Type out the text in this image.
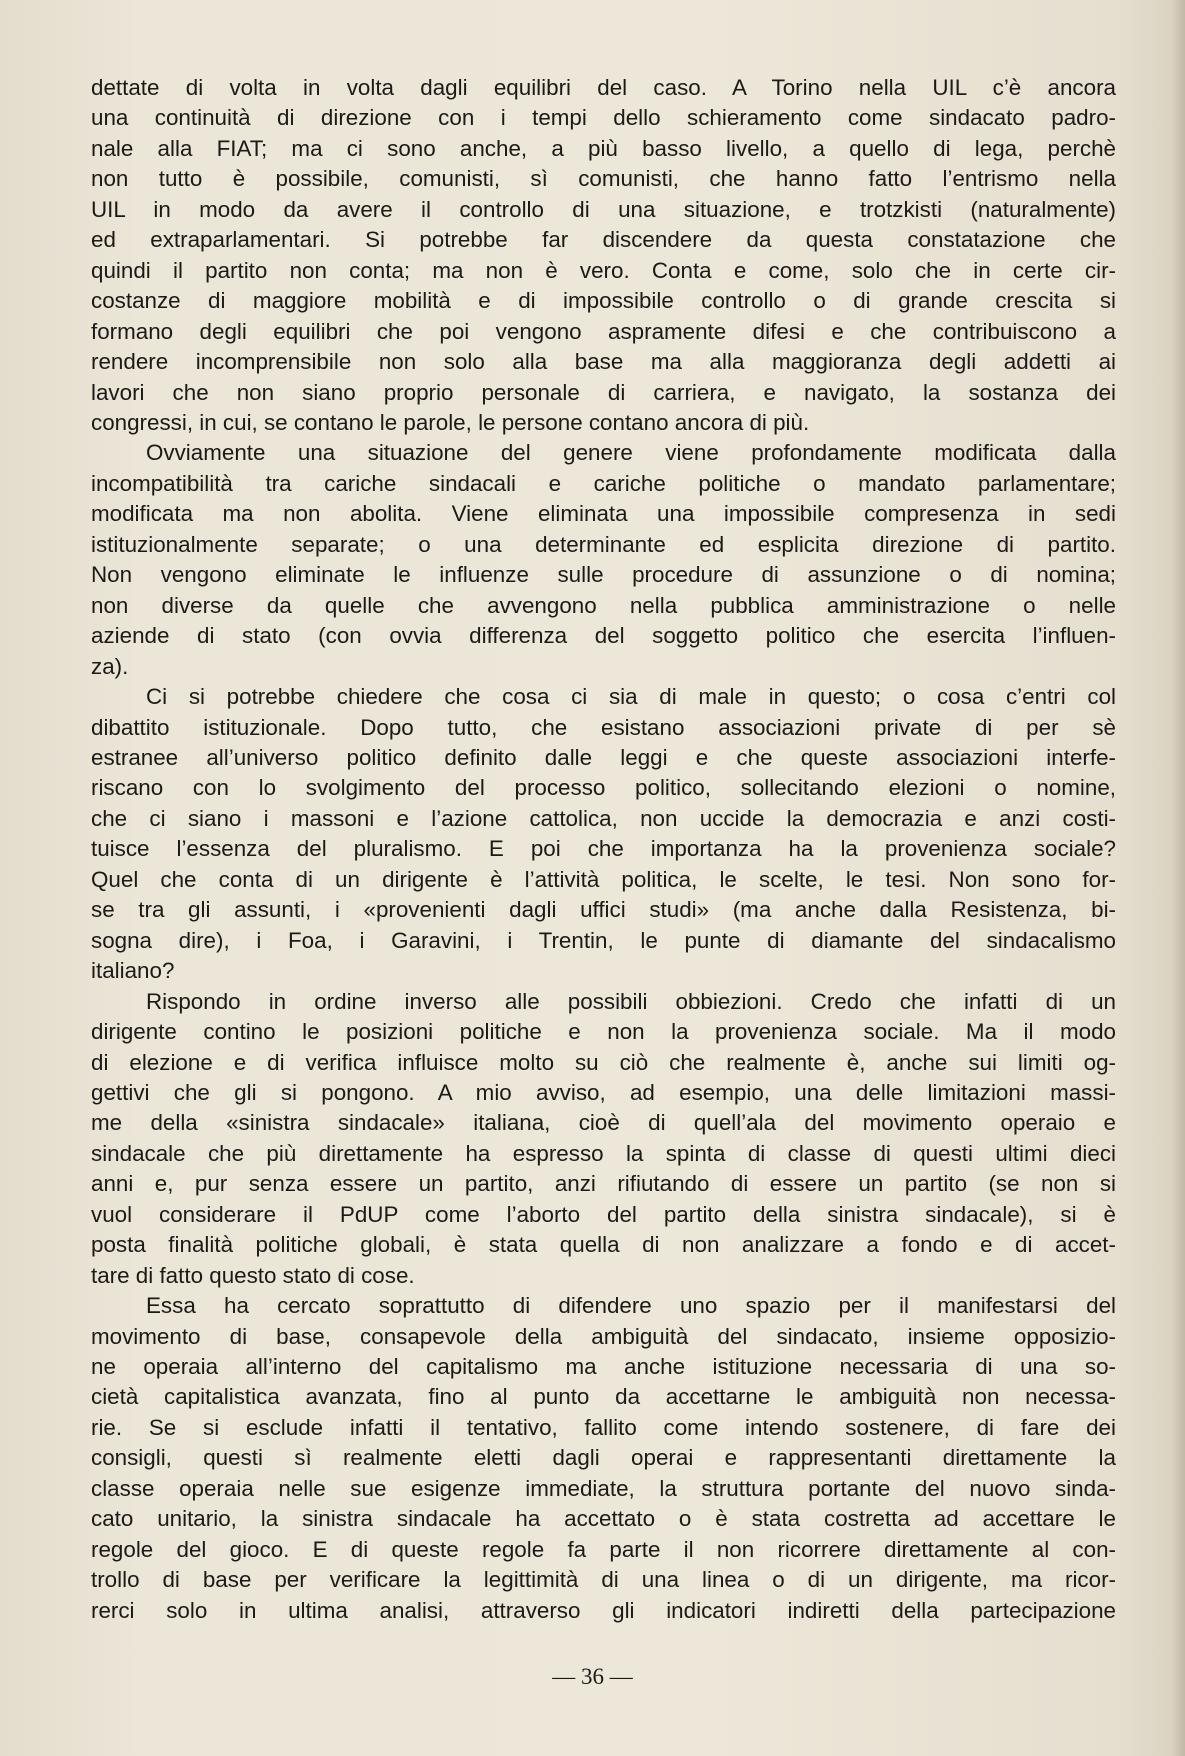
dettate di volta in volta dagli equilibri del caso. A Torino nella UIL c’è ancora
una continuità di direzione con i tempi dello schieramento come sindacato padro-
nale alla FIAT; ma ci sono anche, a più basso livello, a quello di lega, perchè
non tutto è possibile, comunisti, sì comunisti, che hanno fatto l’entrismo nella
UIL in modo da avere il controllo di una situazione, e trotzkisti (naturalmente)
ed extraparlamentari. Si potrebbe far discendere da questa constatazione che
quindi il partito non conta; ma non è vero. Conta e come, solo che in certe cir-
costanze di maggiore mobilità e di impossibile controllo o di grande crescita si
formano degli equilibri che poi vengono aspramente difesi e che contribuiscono a
rendere incomprensibile non solo alla base ma alla maggioranza degli addetti ai
lavori che non siano proprio personale di carriera, e navigato, la sostanza dei
congressi, in cui, se contano le parole, le persone contano ancora di più.

Ovviamente una situazione del genere viene profondamente modificata dalla
incompatibilità tra cariche sindacali e cariche politiche o mandato parlamentare;
modificata ma non abolita. Viene eliminata una impossibile compresenza in sedi
istituzionalmente separate; o una determinante ed esplicita direzione di partito.
Non vengono eliminate le influenze sulle procedure di assunzione o di nomina;
non diverse da quelle che avvengono nella pubblica amministrazione o nelle
aziende di stato (con ovvia differenza del soggetto politico che esercita l’influen-
za).

Ci si potrebbe chiedere che cosa ci sia di male in questo; o cosa c’entri col
dibattito istituzionale. Dopo tutto, che esistano associazioni private di per sè
estranee all’universo politico definito dalle leggi e che queste associazioni interfe-
riscano con lo svolgimento del processo politico, sollecitando elezioni o nomine,
che ci siano i massoni e l’azione cattolica, non uccide la democrazia e anzi costi-
tuisce l’essenza del pluralismo. E poi che importanza ha la provenienza sociale?
Quel che conta di un dirigente è l’attività politica, le scelte, le tesi. Non sono for-
se tra gli assunti, i «provenienti dagli uffici studi» (ma anche dalla Resistenza, bi-
sogna dire), i Foa, i Garavini, i Trentin, le punte di diamante del sindacalismo
italiano?

Rispondo in ordine inverso alle possibili obbiezioni. Credo che infatti di un
dirigente contino le posizioni politiche e non la provenienza sociale. Ma il modo
di elezione e di verifica influisce molto su ciò che realmente è, anche sui limiti og-
gettivi che gli si pongono. A mio avviso, ad esempio, una delle limitazioni massi-
me della «sinistra sindacale» italiana, cioè di quell’ala del movimento operaio e
sindacale che più direttamente ha espresso la spinta di classe di questi ultimi dieci
anni e, pur senza essere un partito, anzi rifiutando di essere un partito (se non si
vuol considerare il PdUP come l’aborto del partito della sinistra sindacale), si è
posta finalità politiche globali, è stata quella di non analizzare a fondo e di accet-
tare di fatto questo stato di cose.

Essa ha cercato soprattutto di difendere uno spazio per il manifestarsi del
movimento di base, consapevole della ambiguità del sindacato, insieme opposizio-
ne operaia all’interno del capitalismo ma anche istituzione necessaria di una so-
cietà capitalistica avanzata, fino al punto da accettarne le ambiguità non necessa-
rie. Se si esclude infatti il tentativo, fallito come intendo sostenere, di fare dei
consigli, questi sì realmente eletti dagli operai e rappresentanti direttamente la
classe operaia nelle sue esigenze immediate, la struttura portante del nuovo sinda-
cato unitario, la sinistra sindacale ha accettato o è stata costretta ad accettare le
regole del gioco. E di queste regole fa parte il non ricorrere direttamente al con-
trollo di base per verificare la legittimità di una linea o di un dirigente, ma ricor-
rerci solo in ultima analisi, attraverso gli indicatori indiretti della partecipazione

— 36 —
